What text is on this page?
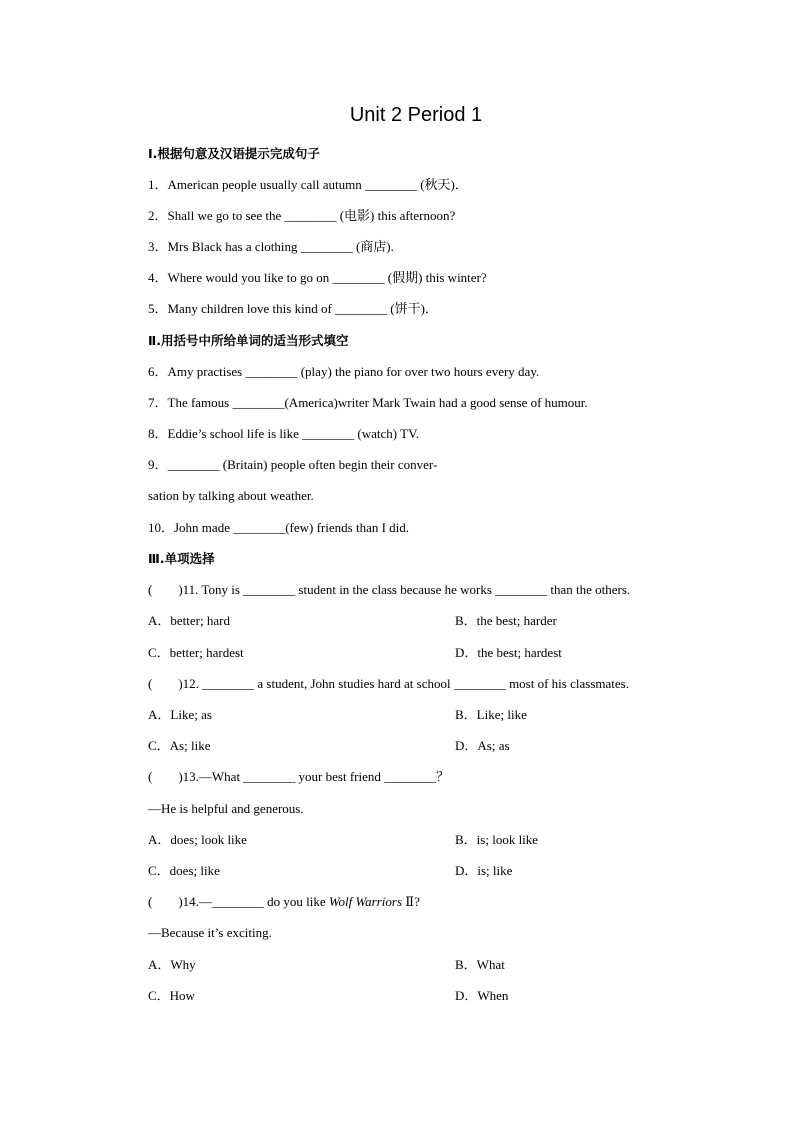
Unit 2 Period 1
Ⅰ.根据句意及汉语提示完成句子
1．American people usually call autumn ________ (秋天)．
2．Shall we go to see the ________ (电影) this afternoon?
3．Mrs Black has a clothing ________ (商店).
4．Where would you like to go on ________ (假期) this winter?
5．Many children love this kind of ________ (饼干)．
Ⅱ.用括号中所给单词的适当形式填空
6．Amy practises ________ (play) the piano for over two hours every day.
7．The famous ________(America)writer Mark Twain had a good sense of humour.
8．Eddie’s school life is like ________ (watch) TV.
9．________ (Britain) people often begin their conver-
sation by talking about weather.
10．John made ________(few) friends than I did.
Ⅲ.单项选择
(　　)11. Tony is ________ student in the class because he works ________ than the others.
A．better; hard	B．the best; harder
C．better; hardest	D．the best; hardest
(　　)12. ________ a student, John studies hard at school ________ most of his classmates.
A．Like; as	B．Like; like
C．As; like	D．As; as
(　　)13.—What ________ your best friend ________？
—He is helpful and generous.
A．does; look like	B．is; look like
C．does; like	D．is; like
(　　)14.—________ do you like Wolf Warriors Ⅱ?
—Because it’s exciting.
A．Why	B．What
C．How	D．When
